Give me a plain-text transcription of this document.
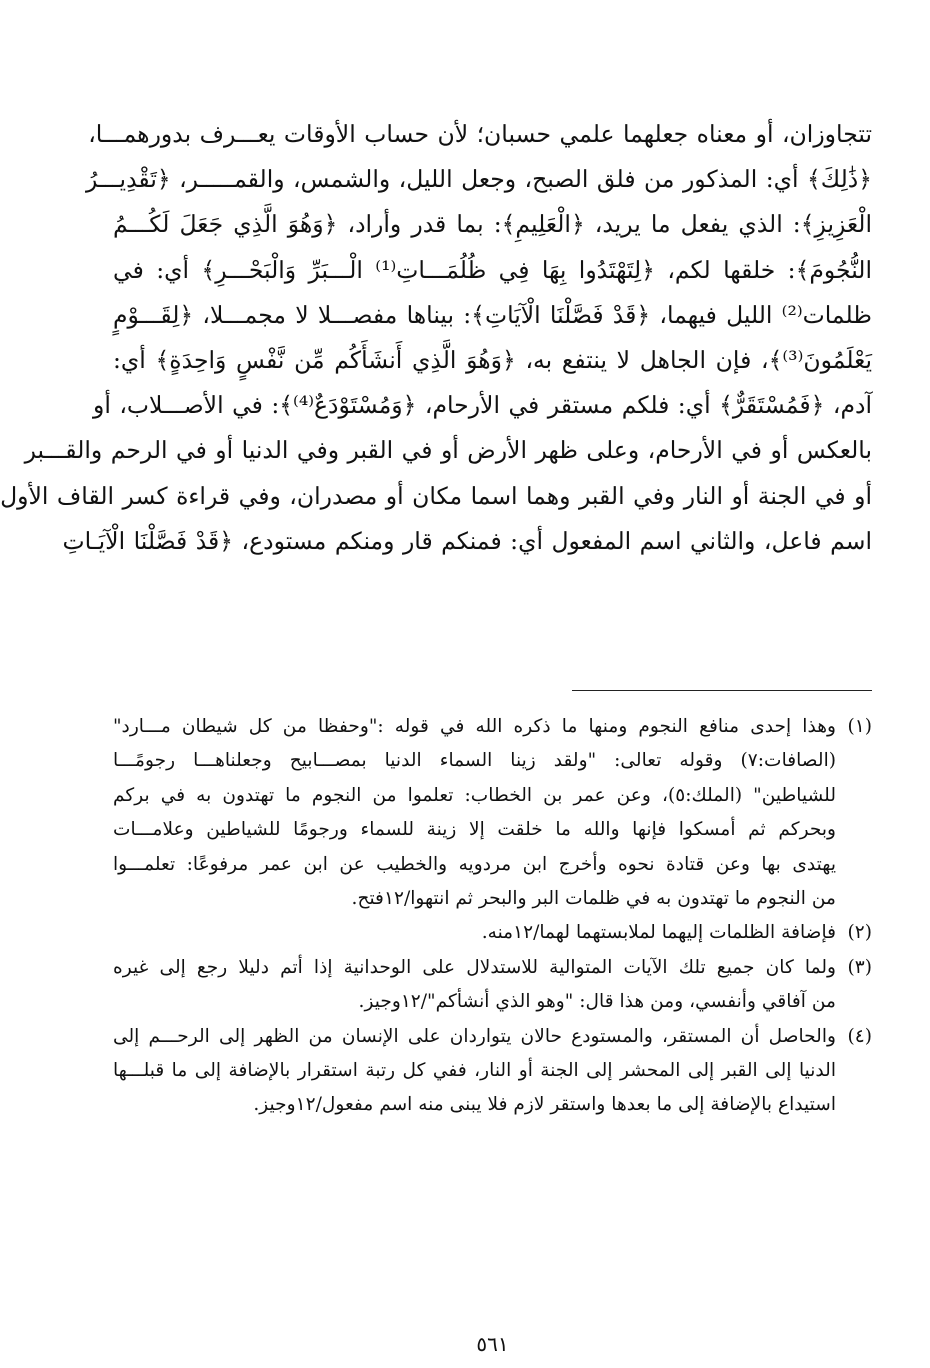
تتجاوزان، أو معناه جعلهما علمي حسبان؛ لأن حساب الأوقات يعـــرف بدورهمـــا،
﴿ذَٰلِكَ﴾ أي: المذكور من فلق الصبح، وجعل الليل، والشمس، والقمـــــر، ﴿تَقْدِيـــرُ
الْعَزِيزِ﴾: الذي يفعل ما يريد، ﴿الْعَلِيمِ﴾: بما قدر وأراد، ﴿وَهُوَ الَّذِي جَعَلَ لَكُـــمُ
النُّجُومَ﴾: خلقها لكم، ﴿لِتَهْتَدُوا بِهَا فِي ظُلُمَـــاتِ⁽¹⁾ الْـــبَرِّ وَالْبَحْـــرِ﴾ أي: في
ظلمات⁽²⁾ الليل فيهما، ﴿قَدْ فَصَّلْنَا الْآيَاتِ﴾: بيناها مفصـــلا لا مجمـــلا، ﴿لِقَـــوْمٍ
يَعْلَمُونَ⁽³⁾﴾، فإن الجاهل لا ينتفع به، ﴿وَهُوَ الَّذِي أَنشَأَكُم مِّن نَّفْسٍ وَاحِدَةٍ﴾ أي:
آدم، ﴿فَمُسْتَقَرٌّ﴾ أي: فلكم مستقر في الأرحام، ﴿وَمُسْتَوْدَعٌ⁽⁴⁾﴾: في الأصـــلاب، أو
بالعكس أو في الأرحام، وعلى ظهر الأرض أو في القبر وفي الدنيا أو في الرحم والقـــبر
أو في الجنة أو النار وفي القبر وهما اسما مكان أو مصدران، وفي قراءة كسر القاف الأول
اسم فاعل، والثاني اسم المفعول أي: فمنكم قار ومنكم مستودع، ﴿قَدْ فَصَّلْنَا الْآيَـاتِ
(١)وهذا إحدى منافع النجوم ومنها ما ذكره الله في قوله :"وحفظا من كل شيطان مـــارد"
(الصافات:٧) وقوله تعالى: "ولقد زينا السماء الدنيا بمصـــابيح وجعلناهـــا رجومًـــا
للشياطين" (الملك:٥)، وعن عمر بن الخطاب: تعلموا من النجوم ما تهتدون به في بركم
وبحركم ثم أمسكوا فإنها والله ما خلقت إلا زينة للسماء ورجومًا للشياطين وعلامـــات
يهتدى بها وعن قتادة نحوه وأخرج ابن مردويه والخطيب عن ابن عمر مرفوعًا: تعلمـــوا
من النجوم ما تهتدون به في ظلمات البر والبحر ثم انتهوا/١٢فتح.
(٢)فإضافة الظلمات إليهما لملابستهما لهما/١٢منه.
(٣)ولما كان جميع تلك الآيات المتوالية للاستدلال على الوحدانية إذا أتم دليلا رجع إلى غيره
من آفاقي وأنفسي، ومن هذا قال: "وهو الذي أنشأكم"/١٢وجيز.
(٤)والحاصل أن المستقر، والمستودع حالان يتواردان على الإنسان من الظهر إلى الرحـــم إلى
الدنيا إلى القبر إلى المحشر إلى الجنة أو النار، ففي كل رتبة استقرار بالإضافة إلى ما قبلـــها
استيداع بالإضافة إلى ما بعدها واستقر لازم فلا يبنى منه اسم مفعول/١٢وجيز.
٥٦١
